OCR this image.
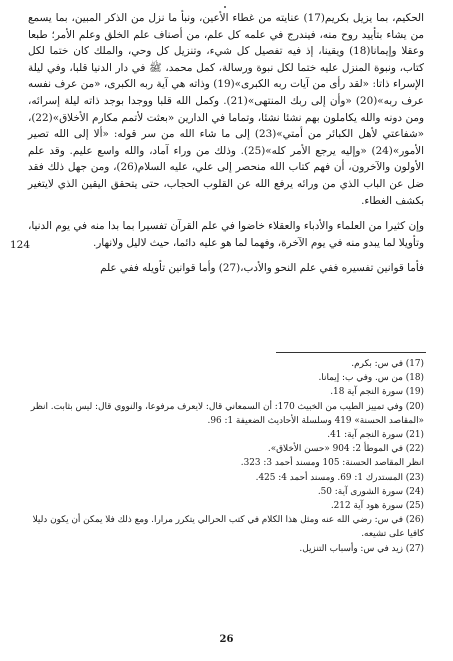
الحكيم، بما يزيل بكريم(17) عنايته من غطاء الأعين، ونبأ ما نزل من الذكر المبين، بما يسمع من يشاء بتأييد روح منه، فيندرج في علمه كل علم، من أصناف علم الخلق وعلم الأمر؛ طبعا وعقلا وإيمانا(18) ويقينا، إذ فيه تفصيل كل شيء، وتنزيل كل وحي، والملك كان ختما لكل كتاب، ونبوة المنزل عليه ختما لكل نبوة ورسالة، كمل محمد، ﷺ في دار الدنيا قلبا، وفي ليلة الإسراء ذاتا: «لقد رأى من آيات ربه الكبرى»(19) وذاته هي آية ربه الكبرى، «من عرف نفسه عرف ربه»(20) «وأن إلى ربك المنتهى»(21). وكمل الله قلبا ووجدا بوجد ذاته ليلة إسرائه، ومن دونه والله يكاملون بهم نشئا نشئا، وتماما في الدارين «بعثت لأتمم مكارم الأخلاق»(22)، «شفاعتي لأهل الكبائر من أمتي»(23) إلى ما شاء الله من سر قوله: «ألا إلى الله تصير الأمور»(24) «وإليه يرجع الأمر كله»(25). وذلك من وراء آماد، والله واسع عليم. وقد علم الأولون والآخرون، أن فهم كتاب الله منحصر إلى علي، عليه السلام(26)، ومن جهل ذلك فقد ضل عن الباب الذي من ورائه يرفع الله عن القلوب الحجاب، حتى يتحقق اليقين الذي لايتغير بكشف الغطاء.

وإن كثيرا من العلماء والأدباء والعقلاء خاضوا في علم القرآن تفسيرا بما بدا منه في يوم الدنيا، وتأويلا لما يبدو منه في يوم الآخرة، وفهما لما هو عليه دائما، حيث لاليل ولانهار.

فأما قوانين تفسيره ففي علم النحو والأدب،(27) وأما قوانين تأويله ففي علم

124

(17) في س: بكرم.

(18) من س. وفي ب: إيمانا.

(19) سورة النجم آية 18.

(20) وفي تمييز الطيب من الخبيث 170: أن السمعاني قال: لايعرف مرفوعا، والنووي قال: ليس بثابت. انظر «المقاصد الحسنة» 419 وسلسلة الأحاديث الضعيفة 1: 96.

(21) سورة النجم آية: 41.

(22) في الموطأ 2: 904 «حسن الأخلاق».

انظر المقاصد الحسنة: 105 ومسند أحمد 3: 323.

(23) المستدرك 1: 69. ومسند أحمد 4: 425.

(24) سورة الشورى آية: 50.

(25) سورة هود آية 212.

(26) في س: رضي الله عنه ومثل هذا الكلام في كتب الحرالي يتكرر مرارا. ومع ذلك فلا يمكن أن يكون دليلا كافيا على تشيعه.

(27) زيد في س: وأسباب التنزيل.

26
